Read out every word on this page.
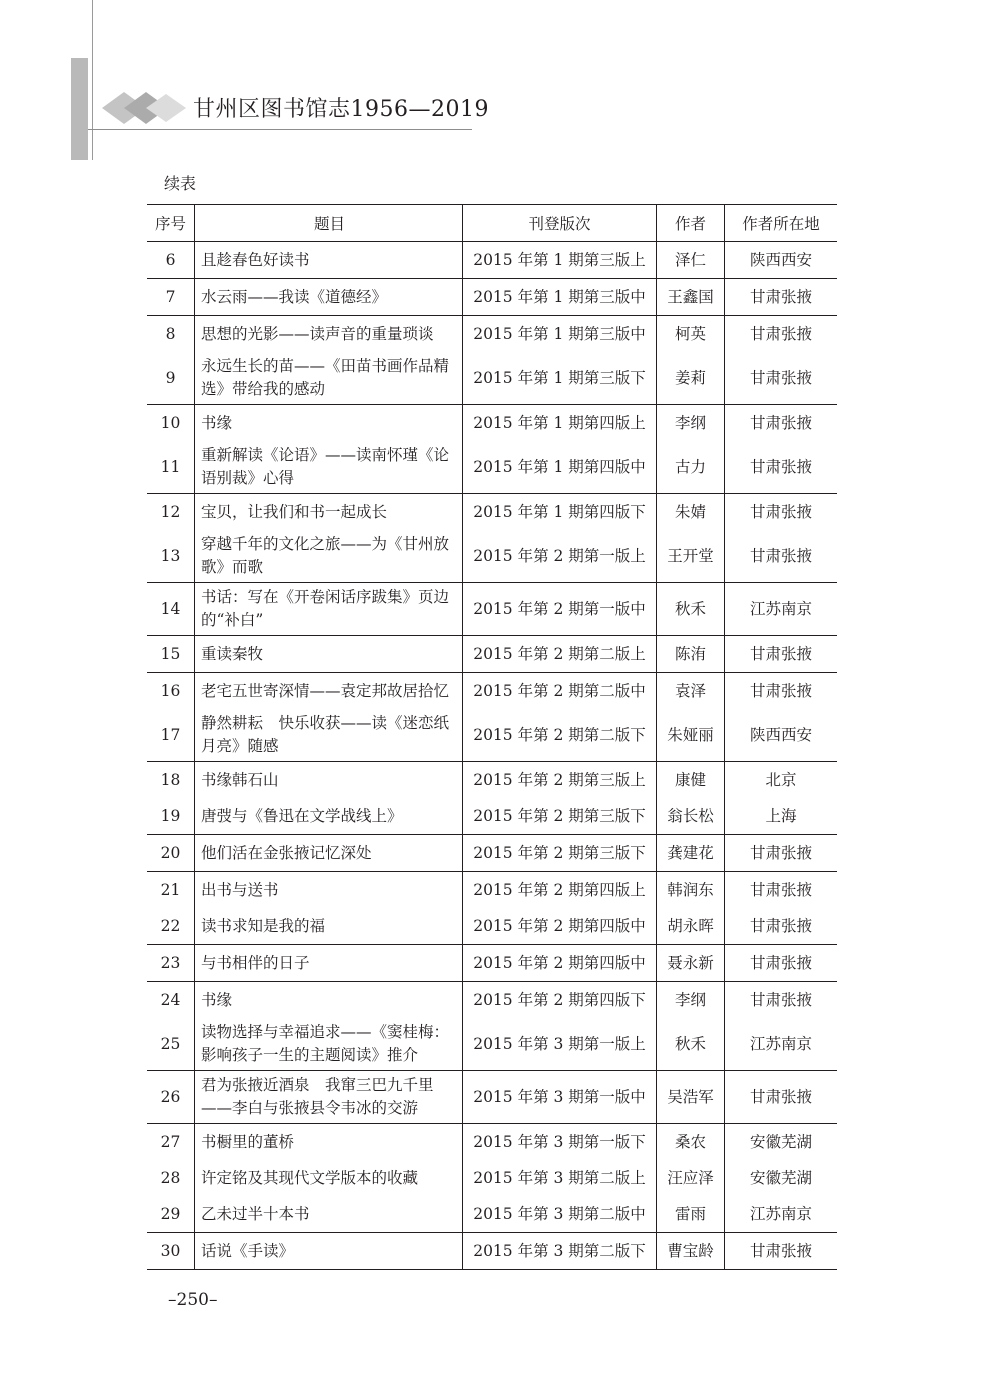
甘州区图书馆志1956—2019
续表
序号	题目	刊登版次	作者	作者所在地
6	且趁春色好读书	2015 年第 1 期第三版上	泽仁	陕西西安
7	水云雨——我读《道德经》	2015 年第 1 期第三版中	王鑫国	甘肃张掖
8	思想的光影——读声音的重量琐谈	2015 年第 1 期第三版中	柯英	甘肃张掖
9	永远生长的苗——《田苗书画作品精选》带给我的感动	2015 年第 1 期第三版下	姜莉	甘肃张掖
10	书缘	2015 年第 1 期第四版上	李纲	甘肃张掖
11	重新解读《论语》——读南怀瑾《论语别裁》心得	2015 年第 1 期第四版中	古力	甘肃张掖
12	宝贝，让我们和书一起成长	2015 年第 1 期第四版下	朱婧	甘肃张掖
13	穿越千年的文化之旅——为《甘州放歌》而歌	2015 年第 2 期第一版上	王开堂	甘肃张掖
14	书话：写在《开卷闲话序跋集》页边的“补白”	2015 年第 2 期第一版中	秋禾	江苏南京
15	重读秦牧	2015 年第 2 期第二版上	陈洧	甘肃张掖
16	老宅五世寄深情——袁定邦故居拾忆	2015 年第 2 期第二版中	袁泽	甘肃张掖
17	静然耕耘　快乐收获——读《迷恋纸月亮》随感	2015 年第 2 期第二版下	朱娅丽	陕西西安
18	书缘韩石山	2015 年第 2 期第三版上	康健	北京
19	唐弢与《鲁迅在文学战线上》	2015 年第 2 期第三版下	翁长松	上海
20	他们活在金张掖记忆深处	2015 年第 2 期第三版下	龚建花	甘肃张掖
21	出书与送书	2015 年第 2 期第四版上	韩润东	甘肃张掖
22	读书求知是我的福	2015 年第 2 期第四版中	胡永晖	甘肃张掖
23	与书相伴的日子	2015 年第 2 期第四版中	聂永新	甘肃张掖
24	书缘	2015 年第 2 期第四版下	李纲	甘肃张掖
25	读物选择与幸福追求——《窦桂梅：影响孩子一生的主题阅读》推介	2015 年第 3 期第一版上	秋禾	江苏南京
26	君为张掖近酒泉　我窜三巴九千里——李白与张掖县令韦冰的交游	2015 年第 3 期第一版中	吴浩军	甘肃张掖
27	书橱里的董桥	2015 年第 3 期第一版下	桑农	安徽芜湖
28	许定铭及其现代文学版本的收藏	2015 年第 3 期第二版上	汪应泽	安徽芜湖
29	乙未过半十本书	2015 年第 3 期第二版中	雷雨	江苏南京
30	话说《手读》	2015 年第 3 期第二版下	曹宝龄	甘肃张掖
–250–
